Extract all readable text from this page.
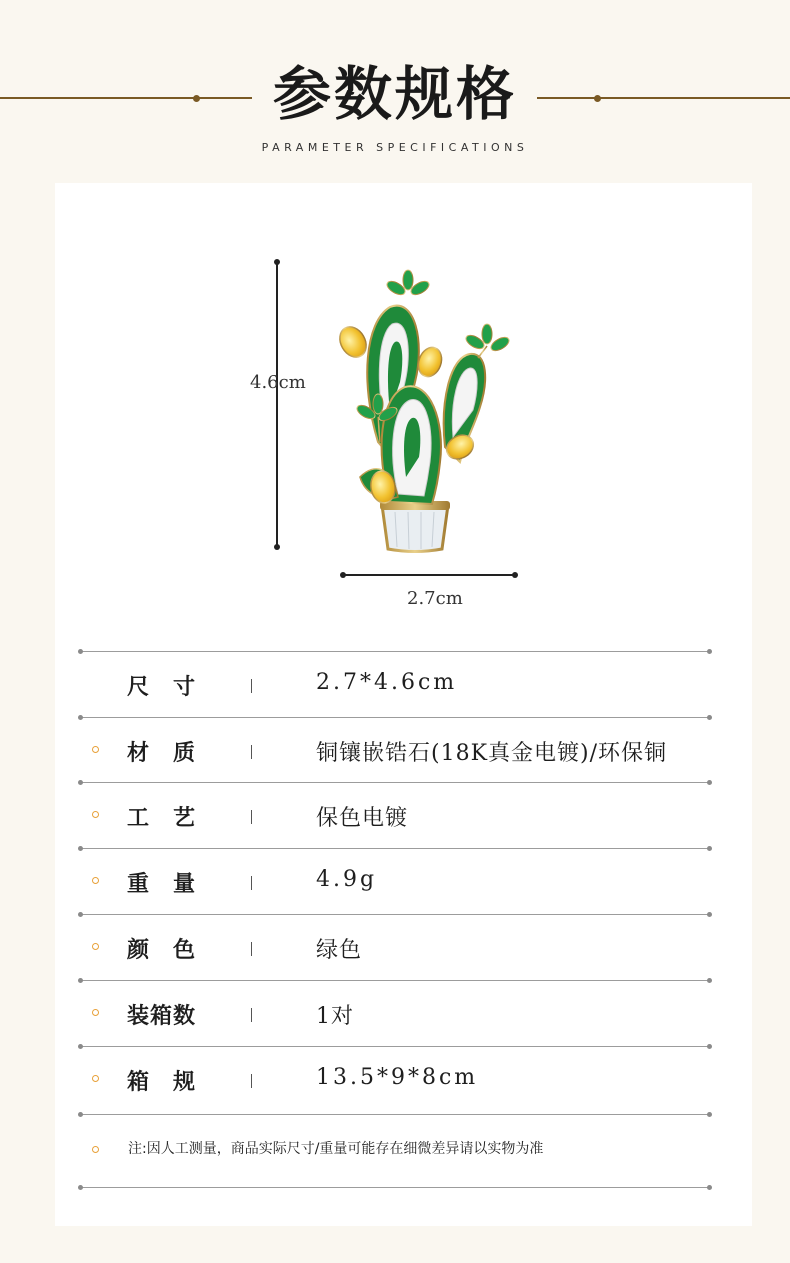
参数规格
PARAMETER SPECIFICATIONS
4.6cm
2.7cm
尺　寸	2.7*4.6cm
材　质	铜镶嵌锆石(18K真金电镀)/环保铜
工　艺	保色电镀
重　量	4.9g
颜　色	绿色
装箱数	1对
箱　规	13.5*9*8cm
注:因人工测量，商品实际尺寸/重量可能存在细微差异请以实物为准
